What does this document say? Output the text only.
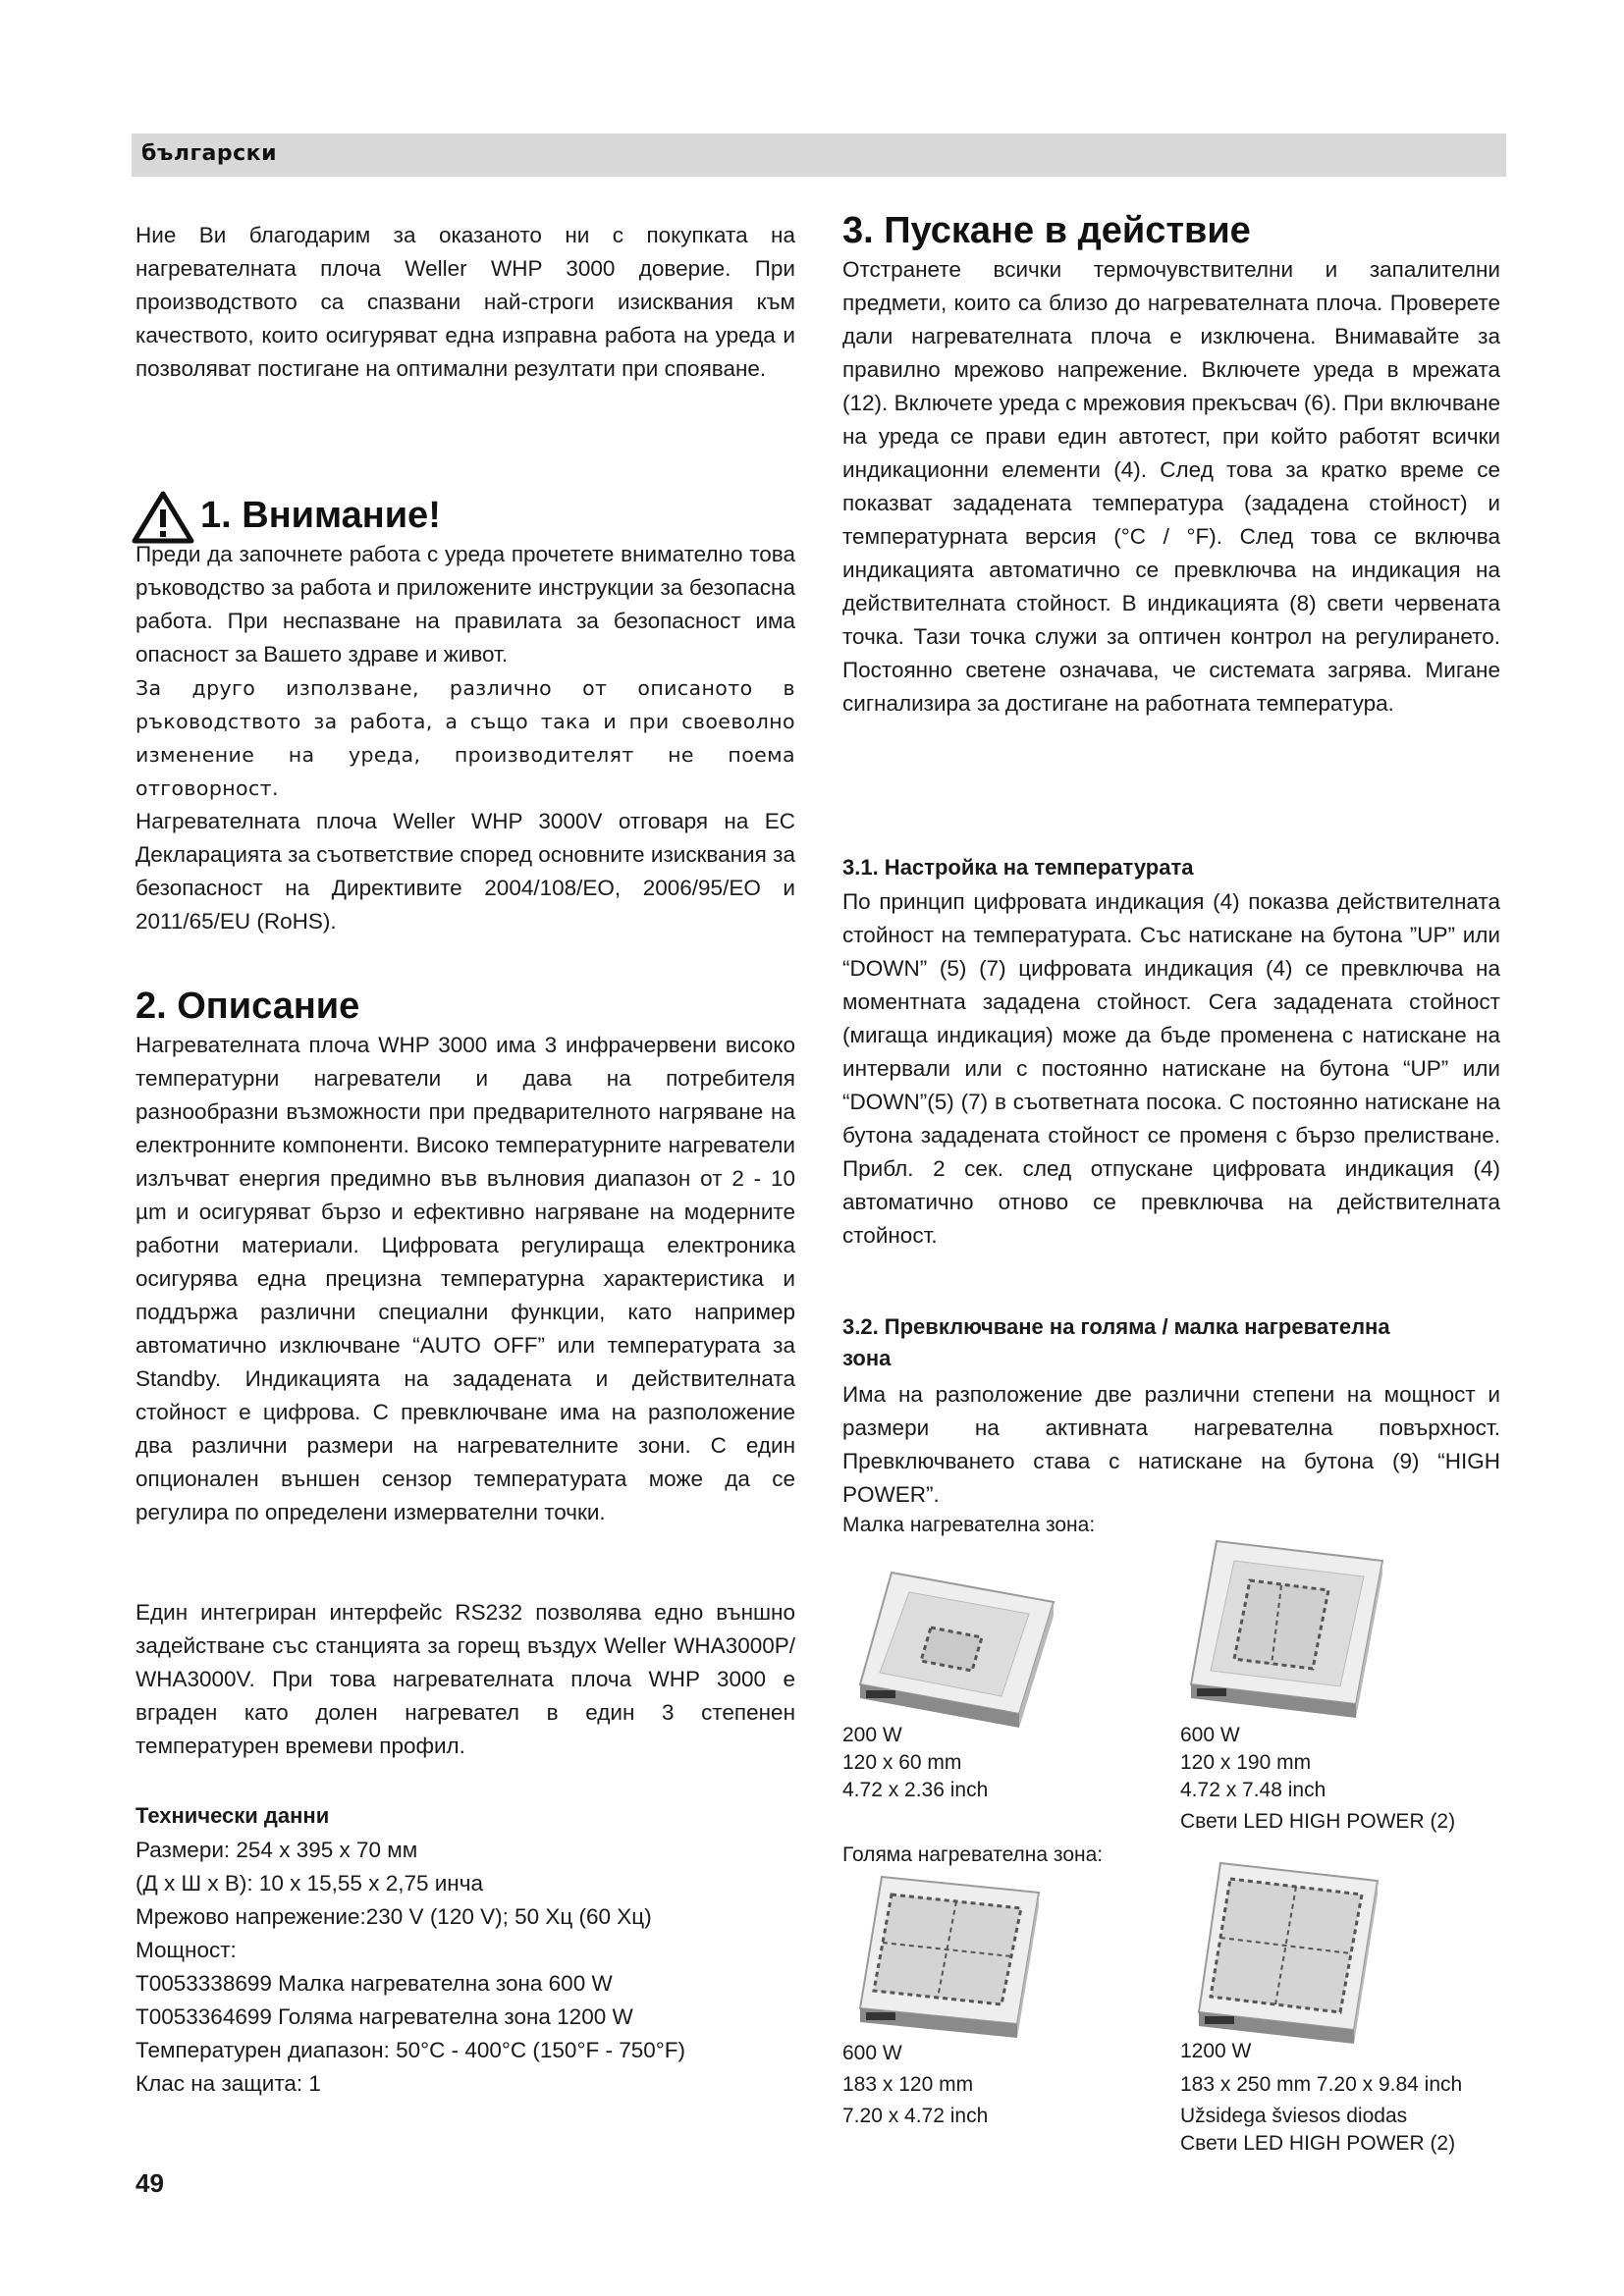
български
Ние Ви благодарим за оказаното ни с покупката на нагревателната плоча Weller WHP 3000 доверие. При производството са спазвани най-строги изисквания към качеството, които осигуряват една изправна работа на уреда и позволяват постигане на оптимални резултати при спояване.
1. Внимание!
Преди да започнете работа с уреда прочетете внимателно това ръководство за работа и приложените инструкции за безопасна работа. При неспазване на правилата за безопасност има опасност за Вашето здраве и живот.
За друго използване, различно от описаното в ръководството за работа, а също така и при своеволно изменение на уреда, производителят не поема отговорност.
Нагревателната плоча Weller WHP 3000V отговаря на ЕС Декларацията за съответствие според основните изисквания за безопасност на Директивите 2004/108/ЕО, 2006/95/ЕО и 2011/65/EU (RoHS).
2. Описание
Нагревателната плоча WHP 3000 има 3 инфрачервени високо температурни нагреватели и дава на потребителя разнообразни възможности при предварителното нагряване на електронните компоненти. Високо температурните нагреватели излъчват енергия предимно във вълновия диапазон от 2 - 10 µm и осигуряват бързо и ефективно нагряване на модерните работни материали. Цифровата регулираща електроника осигурява една прецизна температурна характеристика и поддържа различни специални функции, като например автоматично изключване “AUTO OFF” или температурата за Standby. Индикацията на зададената и действителната стойност е цифрова. С превключване има на разположение два различни размери на нагревателните зони. С един опционален външен сензор температурата може да се регулира по определени измервателни точки.
Един интегриран интерфейс RS232 позволява едно външно задействане със станцията за горещ въздух Weller WHA3000P/ WHA3000V. При това нагревателната плоча WHP 3000 е вграден като долен нагревател в един 3 степенен температурен времеви профил.
Технически данни
Размери: 254 x 395 x 70 мм
(Д х Ш х В): 10 x 15,55 x 2,75 инча
Мрежово напрежение:230 V (120 V); 50 Хц (60 Хц)
Мощност:
T0053338699 Малка нагревателна зона 600 W
T0053364699 Голяма нагревателна зона 1200 W
Температурен диапазон: 50°C - 400°C (150°F - 750°F)
Клас на защита: 1
3. Пускане в действие
Отстранете всички термочувствителни и запалителни предмети, които са близо до нагревателната плоча. Проверете дали нагревателната плоча е изключена. Внимавайте за правилно мрежово напрежение. Включете уреда в мрежата (12). Включете уреда с мрежовия прекъсвач (6). При включване на уреда се прави един автотест, при който работят всички индикационни елементи (4). След това за кратко време се показват зададената температура (зададена стойност) и температурната версия (°C / °F). След това се включва индикацията автоматично се превключва на индикация на действителната стойност. В индикацията (8) свети червената точка. Тази точка служи за оптичен контрол на регулирането. Постоянно светене означава, че системата загрява. Мигане сигнализира за достигане на работната температура.
3.1. Настройка на температурата
По принцип цифровата индикация (4) показва действителната стойност на температурата. Със натискане на бутона ”UP” или “DOWN” (5) (7) цифровата индикация (4) се превключва на моментната зададена стойност. Сега зададената стойност (мигаща индикация) може да бъде променена с натискане на интервали или с постоянно натискане на бутона “UP” или “DOWN”(5) (7) в съответната посока. С постоянно натискане на бутона зададената стойност се променя с бързо прелистване. Прибл. 2 сек. след отпускане цифровата индикация (4) автоматично отново се превключва на действителната стойност.
3.2. Превключване на голяма / малка нагревателна
зона
Има на разположение две различни степени на мощност и размери на активната нагревателна повърхност. Превключването става с натискане на бутона (9) “HIGH POWER”.
Малка нагревателна зона:
200 W
120 x 60 mm
4.72 x 2.36 inch
600 W
120 x 190 mm
4.72 x 7.48 inch
Свети LED HIGH POWER (2)
Голяма нагревателна зона:
600 W
183 x 120 mm
7.20 x 4.72 inch
1200 W
183 x 250 mm 7.20 x 9.84 inch
Užsidega šviesos diodas
Свети LED HIGH POWER (2)
49
